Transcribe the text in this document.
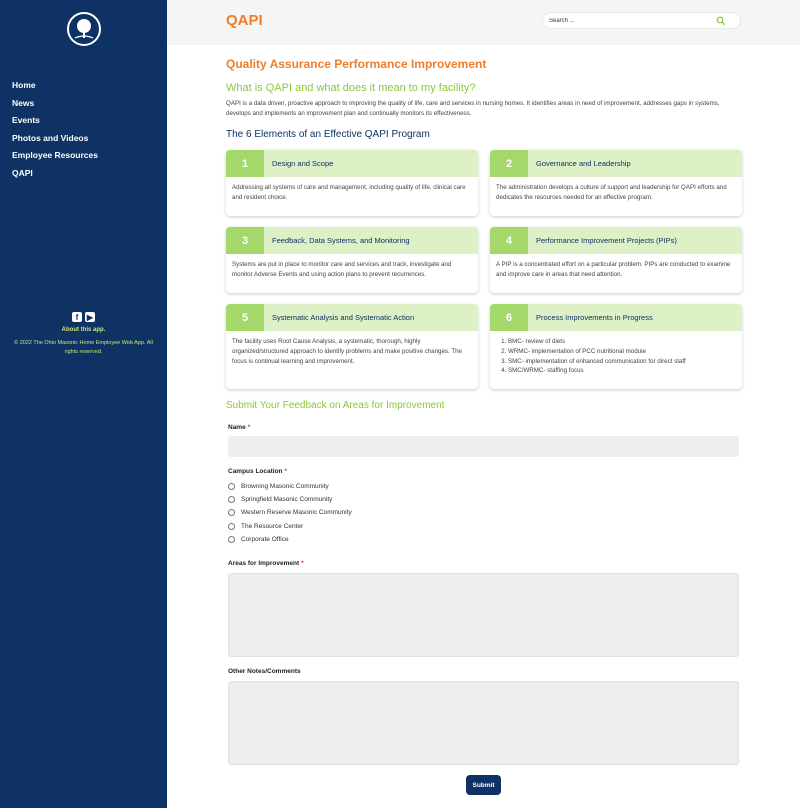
Home
News
Events
Photos and Videos
Employee Resources
QAPI
f	▶
About this app.
© 2022 The Ohio Masonic Home Employee Web App. All rights reserved.
QAPI
Search ...
Quality Assurance Performance Improvement
What is QAPI and what does it mean to my facility?

QAPI is a data driven, proactive approach to improving the quality of life, care and services in nursing homes. It identifies areas in need of improvement, addresses gaps in systems, develops and implements an improvement plan and continually monitors its effectiveness.

The 6 Elements of an Effective QAPI Program
1	Design and Scope
Addressing all systems of care and management, including quality of life, clinical care and resident choice.
2	Governance and Leadership
The administration develops a culture of support and leadership for QAPI efforts and dedicates the resources needed for an effective program.
3	Feedback, Data Systems, and Monitoring
Systems are put in place to monitor care and services and track, investigate and monitor Adverse Events and using action plans to prevent recurrences.
4	Performance Improvement Projects (PIPs)
A PIP is a concentrated effort on a particular problem. PIPs are conducted to examine and improve care in areas that need attention.
5	Systematic Analysis and Systematic Action
The facility uses Root Cause Analysis, a systematic, thorough, highly organized/structured approach to identify problems and make positive changes. The focus is continual learning and improvement.
6	Process Improvements in Progress
1. BMC- review of diets
2. WRMC- implementation of PCC nutritional module
3. SMC- implementation of enhanced communication for direct staff
4. SMC/WRMC- staffing focus
Submit Your Feedback on Areas for Improvement
Name *
Campus Location *
Browning Masonic Community
Springfield Masonic Community
Western Reserve Masonic Community
The Resource Center
Corporate Office
Areas for Improvement *
Other Notes/Comments
Submit
